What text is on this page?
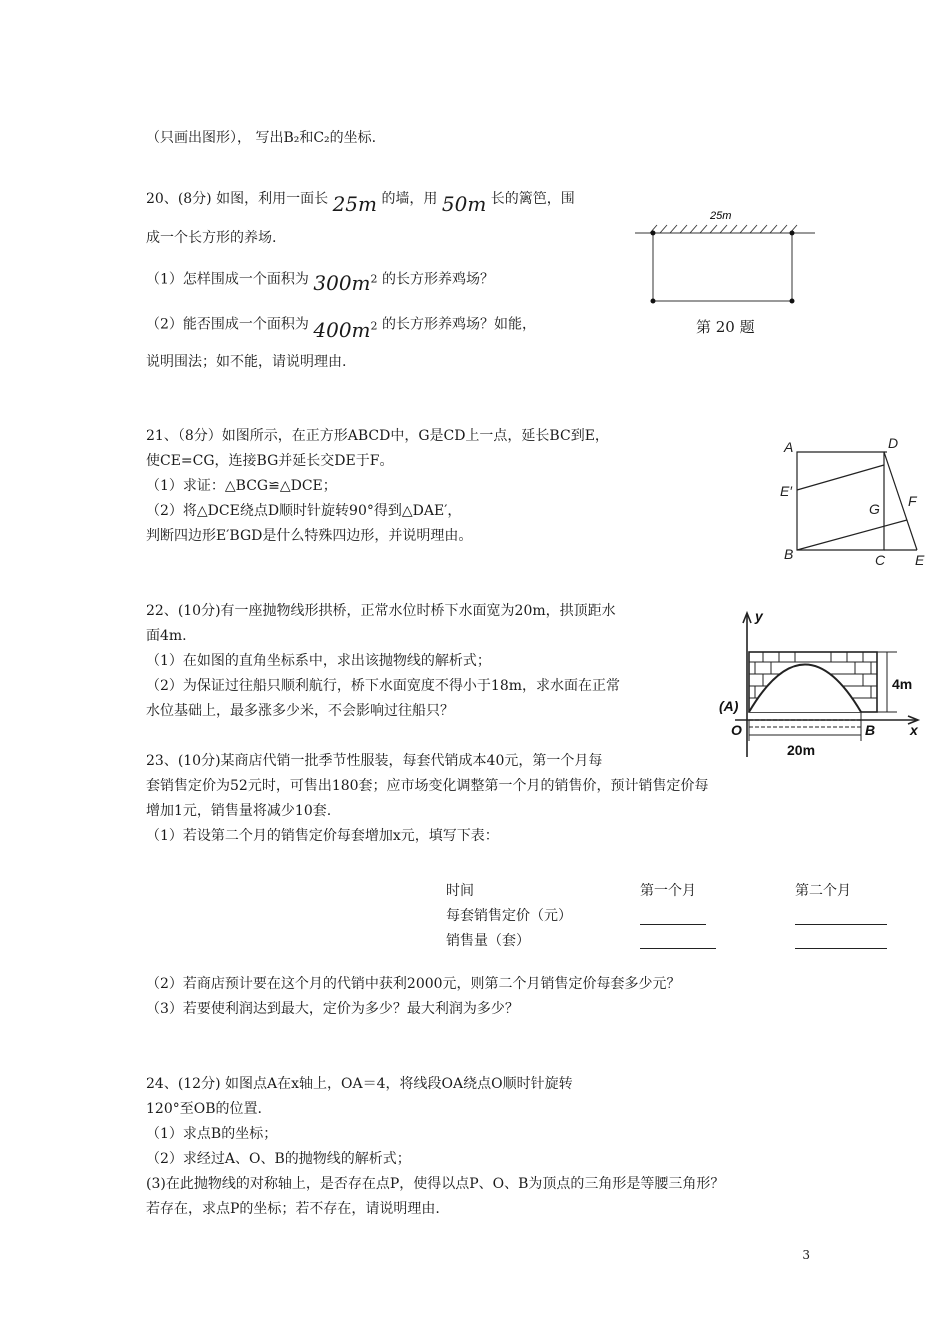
（只画出图形）， 写出B₂和C₂的坐标.
20、(8分) 如图，利用一面长 25m 的墙，用 50m 长的篱笆，围
成一个长方形的养场.
（1）怎样围成一个面积为 $300m^2$ 的长方形养鸡场？
（2）能否围成一个面积为 $400m^2$ 的长方形养鸡场？如能，
说明围法；如不能，请说明理由.
25m
第 20 题
21、（8分）如图所示，在正方形ABCD中，G是CD上一点，延长BC到E，
使CE=CG，连接BG并延长交DE于F。
（1）求证：△BCG≌△DCE；
（2）将△DCE绕点D顺时针旋转90°得到△DAE′，
判断四边形E′BGD是什么特殊四边形，并说明理由。
A	D
E′
G F
B	C E
22、(10分)有一座抛物线形拱桥，正常水位时桥下水面宽为20m，拱顶距水
面4m.
（1）在如图的直角坐标系中，求出该抛物线的解析式；
（2）为保证过往船只顺利航行，桥下水面宽度不得小于18m，求水面在正常
水位基础上，最多涨多少米，不会影响过往船只？
y
x
(A)
O	B
4m
20m
23、(10分)某商店代销一批季节性服装，每套代销成本40元，第一个月每
套销售定价为52元时，可售出180套；应市场变化调整第一个月的销售价，预计销售定价每
增加1元，销售量将减少10套.
（1）若设第二个月的销售定价每套增加x元，填写下表：
时间	第一个月	第二个月
每套销售定价（元）
销售量（套）
（2）若商店预计要在这个月的代销中获利2000元，则第二个月销售定价每套多少元？
（3）若要使利润达到最大，定价为多少？最大利润为多少？
24、(12分) 如图点A在x轴上，OA＝4，将线段OA绕点O顺时针旋转
120°至OB的位置.
（1）求点B的坐标；
（2）求经过A、O、B的抛物线的解析式；
(3)在此抛物线的对称轴上，是否存在点P，使得以点P、O、B为顶点的三角形是等腰三角形？
若存在，求点P的坐标；若不存在，请说明理由.
3
